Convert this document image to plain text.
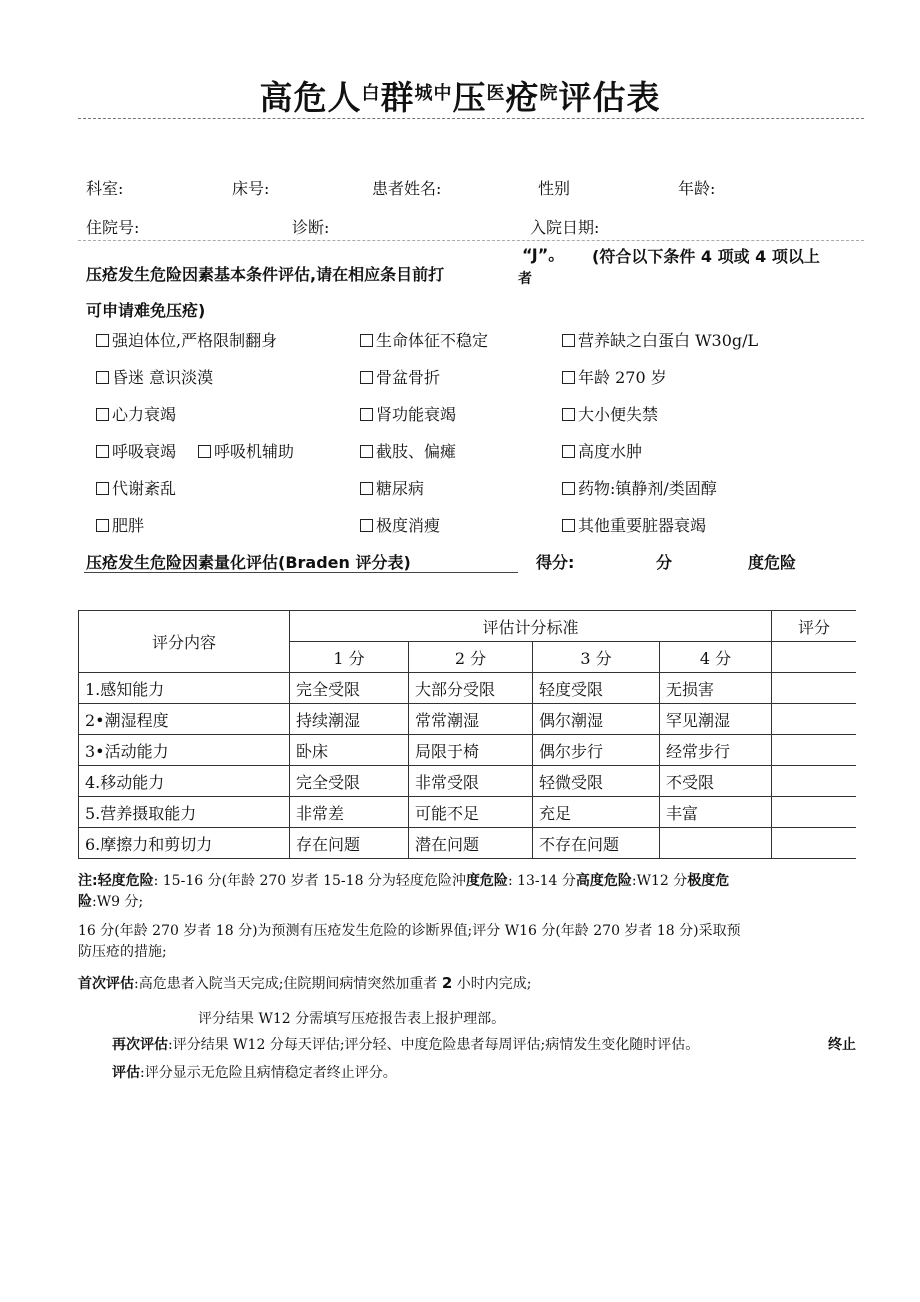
高危人$^白$群$^{城中}$压$^医$疮$^院$评估表
科室:	床号:	患者姓名:	性别	年龄:
住院号:	诊断:	入院日期:
压疮发生危险因素基本条件评估,请在相应条目前打
“J”。 (符合以下条件 4 项或 4 项以上
者
可申请难免压疮)
强迫体位,严格限制翻身	生命体征不稳定	营养缺之白蛋白 W30g/L
昏迷 意识淡漠	骨盆骨折	年龄 270 岁
心力衰竭	肾功能衰竭	大小便失禁
呼吸衰竭	呼吸机辅助	截肢、偏瘫	高度水肿
代谢紊乱	糖尿病	药物:镇静剂/类固醇
肥胖	极度消瘦	其他重要脏器衰竭
压疮发生危险因素量化评估(Braden 评分表)	得分:	分	度危险
评分内容	评估计分标准				评分
	1 分	2 分	3 分	4 分	
1.感知能力	完全受限	大部分受限	轻度受限	无损害	
2•潮湿程度	持续潮湿	常常潮湿	偶尔潮湿	罕见潮湿	
3•活动能力	卧床	局限于椅	偶尔步行	经常步行	
4.移动能力	完全受限	非常受限	轻微受限	不受限	
5.营养摄取能力	非常差	可能不足	充足	丰富	
6.摩擦力和剪切力	存在问题	潜在问题	不存在问题		
注:轻度危险: 15-16 分(年龄 270 岁者 15-18 分为轻度危险沖度危险: 13-14 分高度危险:W12 分极度危
险:W9 分;
16 分(年龄 270 岁者 18 分)为预测有压疮发生危险的诊断界值;评分 W16 分(年龄 270 岁者 18 分)采取预
防压疮的措施;
首次评估:高危患者入院当天完成;住院期间病情突然加重者 2 小时内完成;
评分结果 W12 分需填写压疮报告表上报护理部。
再次评估:评分结果 W12 分每天评估;评分轻、中度危险患者每周评估;病情发生变化随时评估。	终止
评估:评分显示无危险且病情稳定者终止评分。
